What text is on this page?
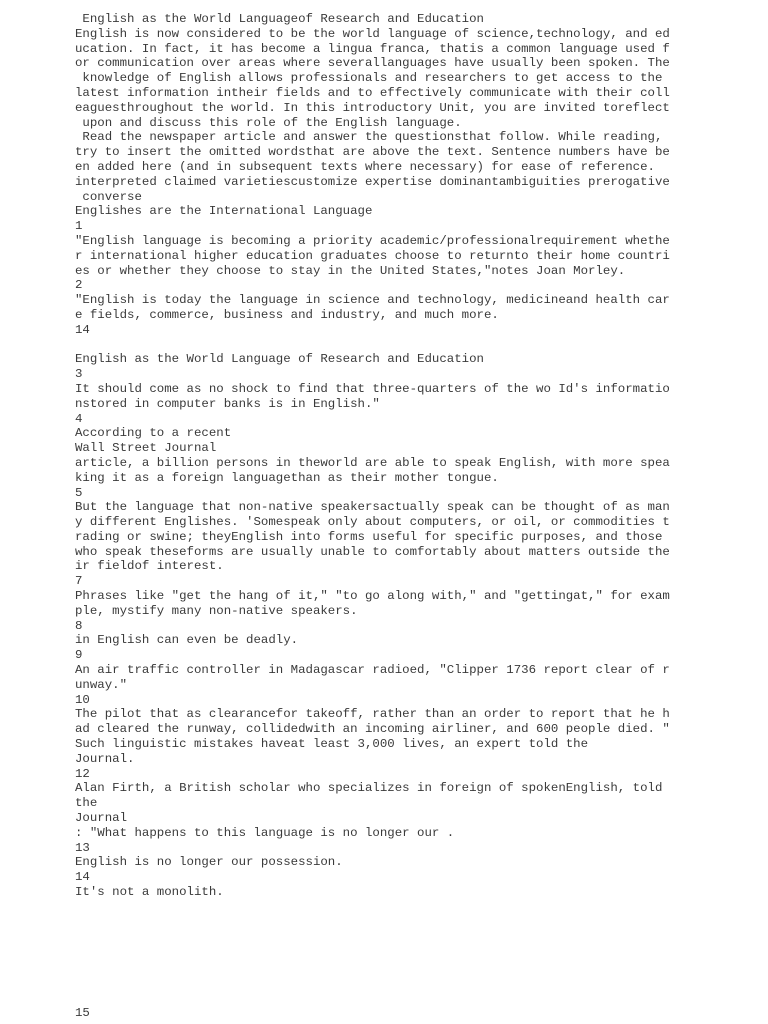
English as the World Languageof Research and Education
English is now considered to be the world language of science,technology, and ed
ucation. In fact, it has become a lingua franca, thatis a common language used f
or communication over areas where severallanguages have usually been spoken. The
knowledge of English allows professionals and researchers to get access to the
latest information intheir fields and to effectively communicate with their coll
eaguesthroughout the world. In this introductory Unit, you are invited toreflect
upon and discuss this role of the English language.
Read the newspaper article and answer the questionsthat follow. While reading,
try to insert the omitted wordsthat are above the text. Sentence numbers have be
en added here (and in subsequent texts where necessary) for ease of reference.
interpreted claimed varietiescustomize expertise dominantambiguities prerogative
converse
Englishes are the International Language
1
"English language is becoming a priority academic/professionalrequirement whethe
r international higher education graduates choose to returnto their home countri
es or whether they choose to stay in the United States,"notes Joan Morley.
2
"English is today the language in science and technology, medicineand health car
e fields, commerce, business and industry, and much more.
14
English as the World Language of Research and Education
3
It should come as no shock to find that three-quarters of the wo Id's informatio
nstored in computer banks is in English."
4
According to a recent
Wall Street Journal
article, a billion persons in theworld are able to speak English, with more spea
king it as a foreign languagethan as their mother tongue.
5
But the language that non-native speakersactually speak can be thought of as man
y different Englishes. 'Somespeak only about computers, or oil, or commodities t
rading or swine; theyEnglish into forms useful for specific purposes, and those
who speak theseforms are usually unable to comfortably about matters outside the
ir fieldof interest.
7
Phrases like "get the hang of it," "to go along with," and "gettingat," for exam
ple, mystify many non-native speakers.
8
in English can even be deadly.
9
An air traffic controller in Madagascar radioed, "Clipper 1736 report clear of r
unway."
10
The pilot that as clearancefor takeoff, rather than an order to report that he h
ad cleared the runway, collidedwith an incoming airliner, and 600 people died. "
Such linguistic mistakes haveat least 3,000 lives, an expert told the
Journal.
12
Alan Firth, a British scholar who specializes in foreign of spokenEnglish, told
the
Journal
: "What happens to this language is no longer our .
13
English is no longer our possession.
14
It's not a monolith.
15
